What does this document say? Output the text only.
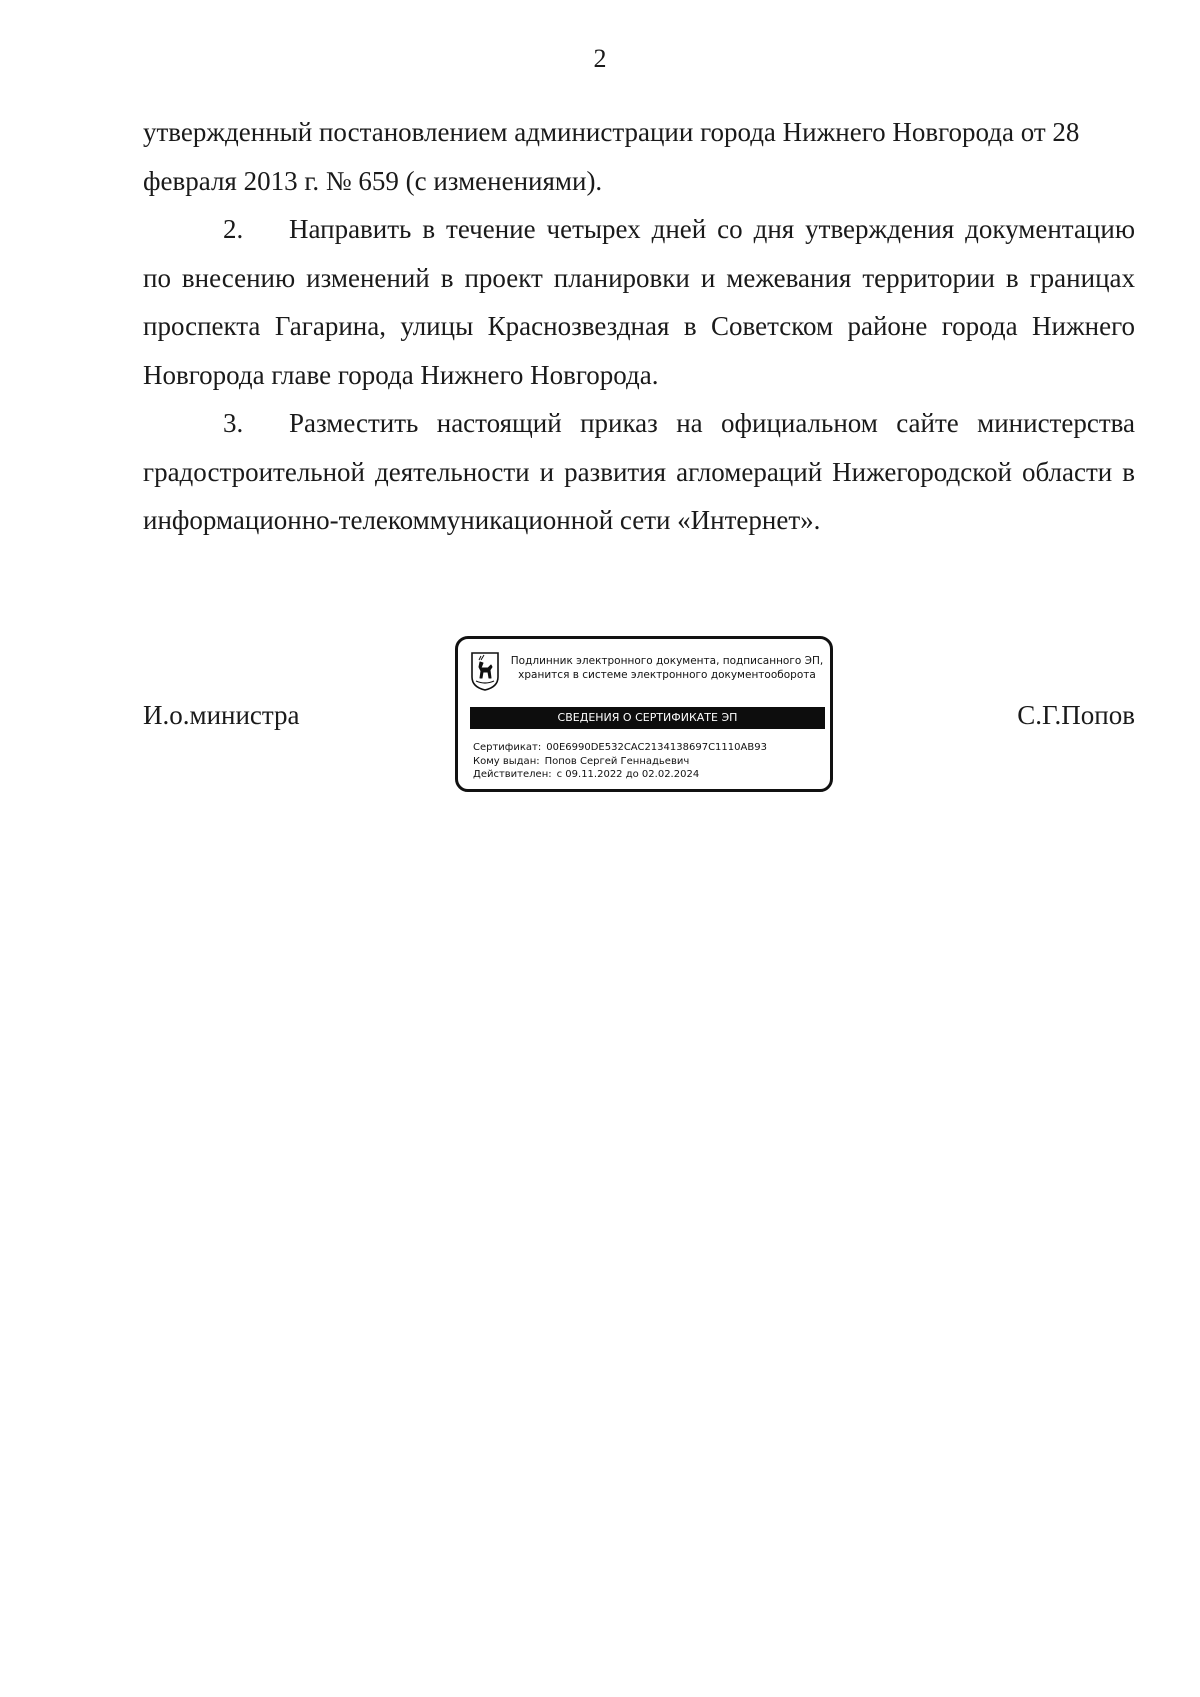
2

утвержденный постановлением администрации города Нижнего Новгорода от 28 февраля 2013 г. № 659 (с изменениями).

2. Направить в течение четырех дней со дня утверждения документацию по внесению изменений в проект планировки и межевания территории в границах проспекта Гагарина, улицы Краснозвездная в Советском районе города Нижнего Новгорода главе города Нижнего Новгорода.

3. Разместить настоящий приказ на официальном сайте министерства градостроительной деятельности и развития агломераций Нижегородской области в информационно-телекоммуникационной сети «Интернет».

И.о.министра
Подлинник электронного документа, подписанного ЭП,
хранится в системе электронного документооборота
СВЕДЕНИЯ О СЕРТИФИКАТЕ ЭП
Сертификат: 00E6990DE532CAC2134138697C1110AB93
Кому выдан: Попов Сергей Геннадьевич
Действителен: с 09.11.2022 до 02.02.2024
С.Г.Попов
